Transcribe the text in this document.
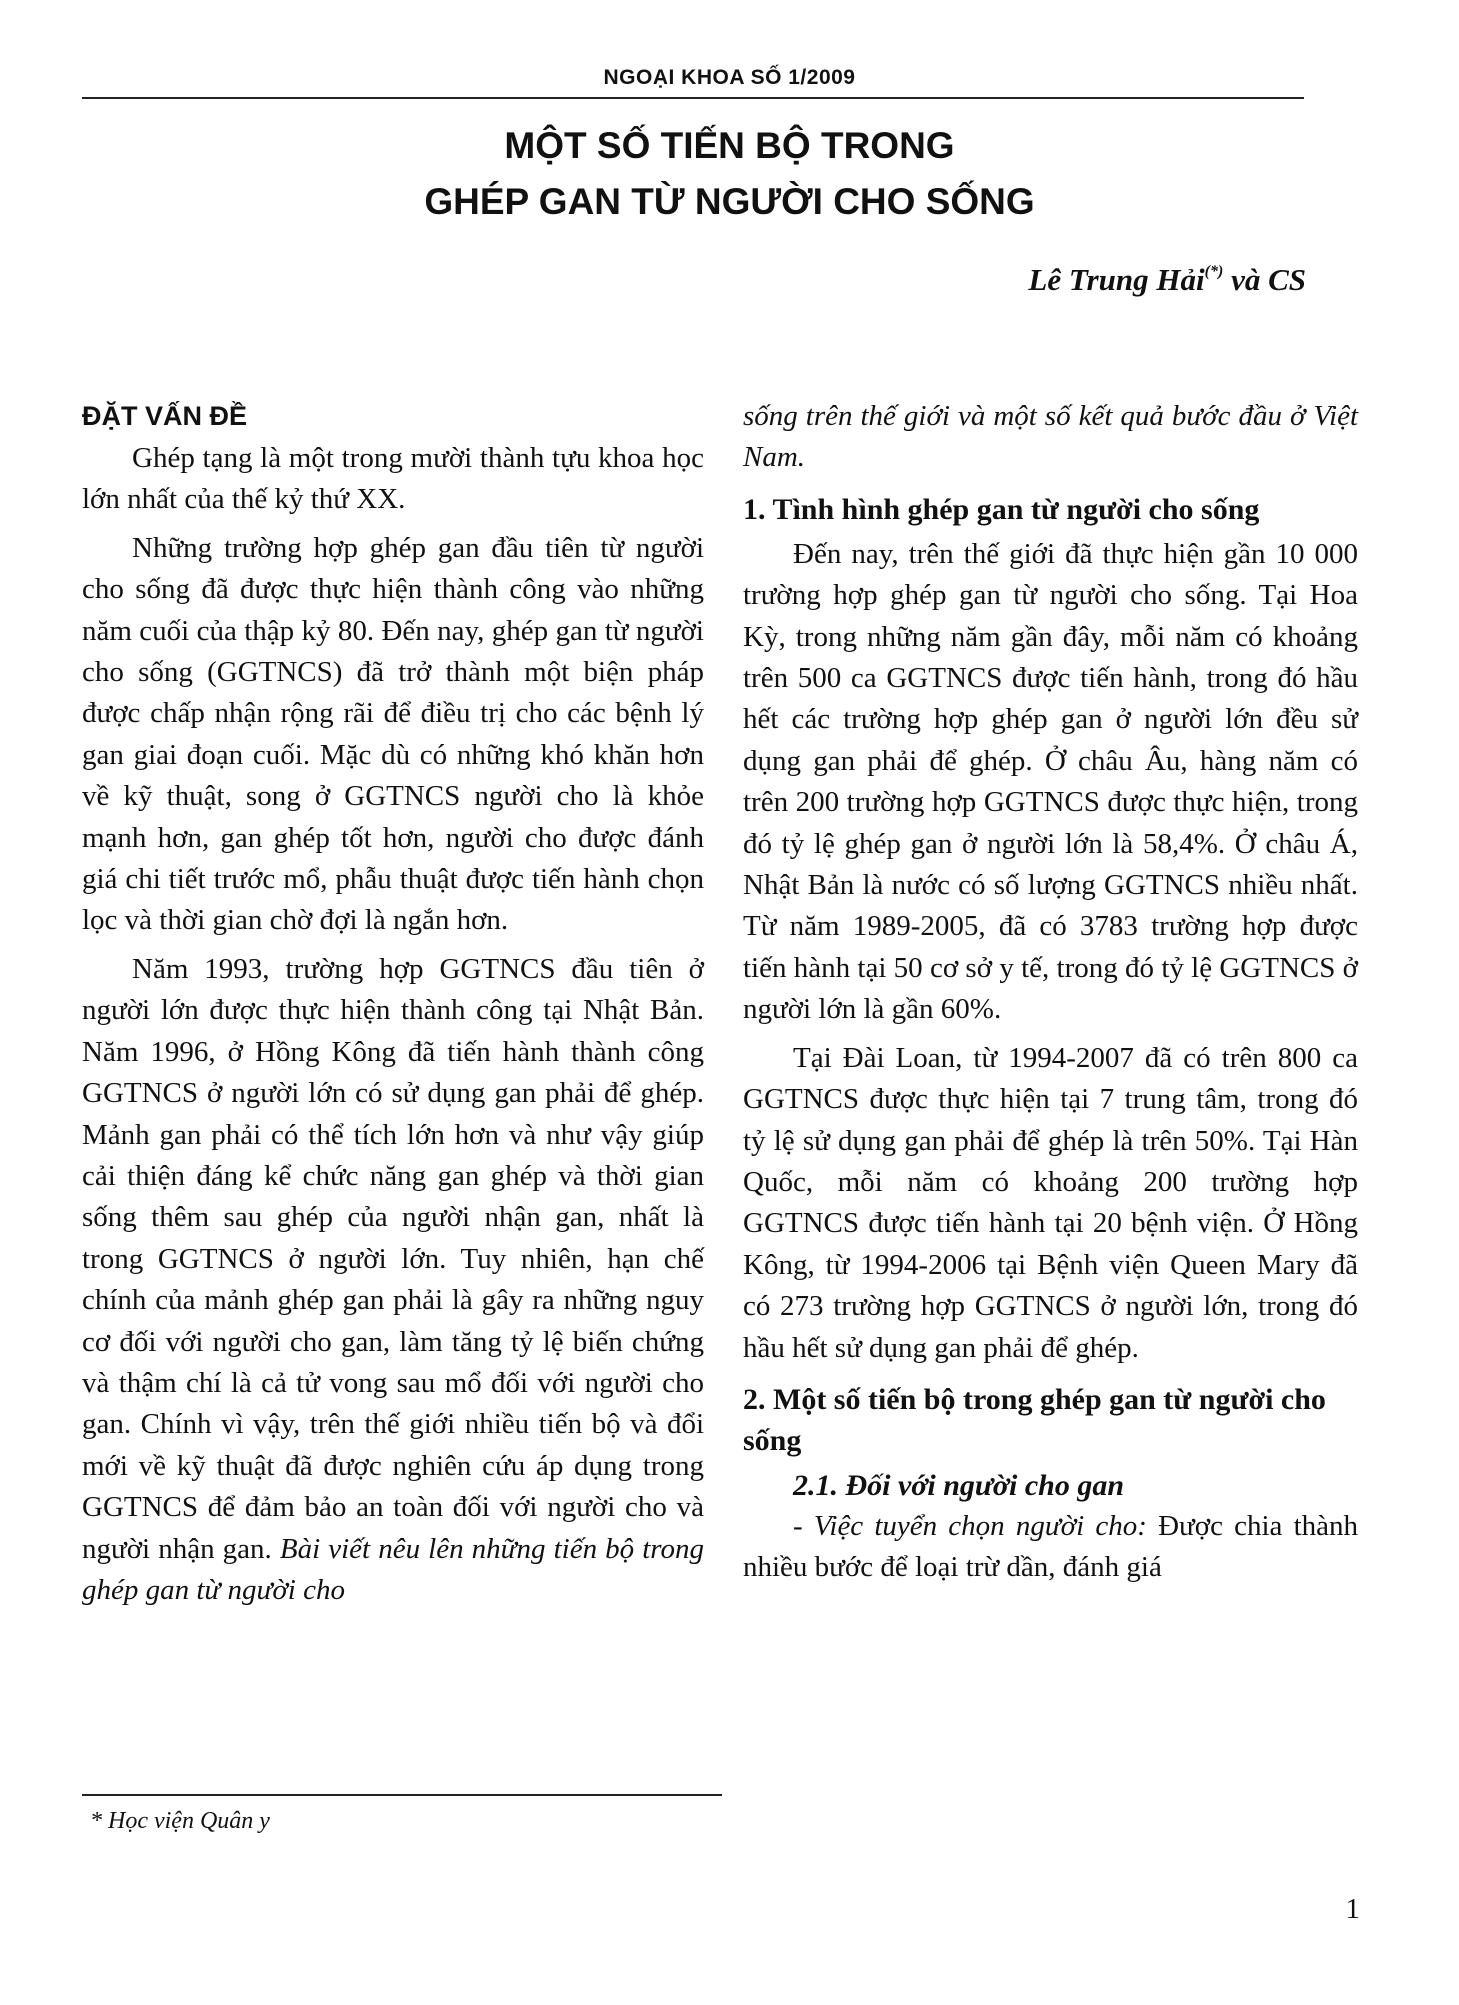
NGOẠI KHOA SỐ 1/2009
MỘT SỐ TIẾN BỘ TRONG
GHÉP GAN TỪ NGƯỜI CHO SỐNG
Lê Trung Hải(*) và CS
ĐẶT VẤN ĐỀ

Ghép tạng là một trong mười thành tựu khoa học lớn nhất của thế kỷ thứ XX.

Những trường hợp ghép gan đầu tiên từ người cho sống đã được thực hiện thành công vào những năm cuối của thập kỷ 80. Đến nay, ghép gan từ người cho sống (GGTNCS) đã trở thành một biện pháp được chấp nhận rộng rãi để điều trị cho các bệnh lý gan giai đoạn cuối. Mặc dù có những khó khăn hơn về kỹ thuật, song ở GGTNCS người cho là khỏe mạnh hơn, gan ghép tốt hơn, người cho được đánh giá chi tiết trước mổ, phẫu thuật được tiến hành chọn lọc và thời gian chờ đợi là ngắn hơn.

Năm 1993, trường hợp GGTNCS đầu tiên ở người lớn được thực hiện thành công tại Nhật Bản. Năm 1996, ở Hồng Kông đã tiến hành thành công GGTNCS ở người lớn có sử dụng gan phải để ghép. Mảnh gan phải có thể tích lớn hơn và như vậy giúp cải thiện đáng kể chức năng gan ghép và thời gian sống thêm sau ghép của người nhận gan, nhất là trong GGTNCS ở người lớn. Tuy nhiên, hạn chế chính của mảnh ghép gan phải là gây ra những nguy cơ đối với người cho gan, làm tăng tỷ lệ biến chứng và thậm chí là cả tử vong sau mổ đối với người cho gan. Chính vì vậy, trên thế giới nhiều tiến bộ và đổi mới về kỹ thuật đã được nghiên cứu áp dụng trong GGTNCS để đảm bảo an toàn đối với người cho và người nhận gan. Bài viết nêu lên những tiến bộ trong ghép gan từ người cho

sống trên thế giới và một số kết quả bước đầu ở Việt Nam.

1. Tình hình ghép gan từ người cho sống

Đến nay, trên thế giới đã thực hiện gần 10 000 trường hợp ghép gan từ người cho sống. Tại Hoa Kỳ, trong những năm gần đây, mỗi năm có khoảng trên 500 ca GGTNCS được tiến hành, trong đó hầu hết các trường hợp ghép gan ở người lớn đều sử dụng gan phải để ghép. Ở châu Âu, hàng năm có trên 200 trường hợp GGTNCS được thực hiện, trong đó tỷ lệ ghép gan ở người lớn là 58,4%. Ở châu Á, Nhật Bản là nước có số lượng GGTNCS nhiều nhất. Từ năm 1989-2005, đã có 3783 trường hợp được tiến hành tại 50 cơ sở y tế, trong đó tỷ lệ GGTNCS ở người lớn là gần 60%.

Tại Đài Loan, từ 1994-2007 đã có trên 800 ca GGTNCS được thực hiện tại 7 trung tâm, trong đó tỷ lệ sử dụng gan phải để ghép là trên 50%. Tại Hàn Quốc, mỗi năm có khoảng 200 trường hợp GGTNCS được tiến hành tại 20 bệnh viện. Ở Hồng Kông, từ 1994-2006 tại Bệnh viện Queen Mary đã có 273 trường hợp GGTNCS ở người lớn, trong đó hầu hết sử dụng gan phải để ghép.

2. Một số tiến bộ trong ghép gan từ người cho sống
2.1. Đối với người cho gan

- Việc tuyển chọn người cho: Được chia thành nhiều bước để loại trừ dần, đánh giá

* Học viện Quân y
1
